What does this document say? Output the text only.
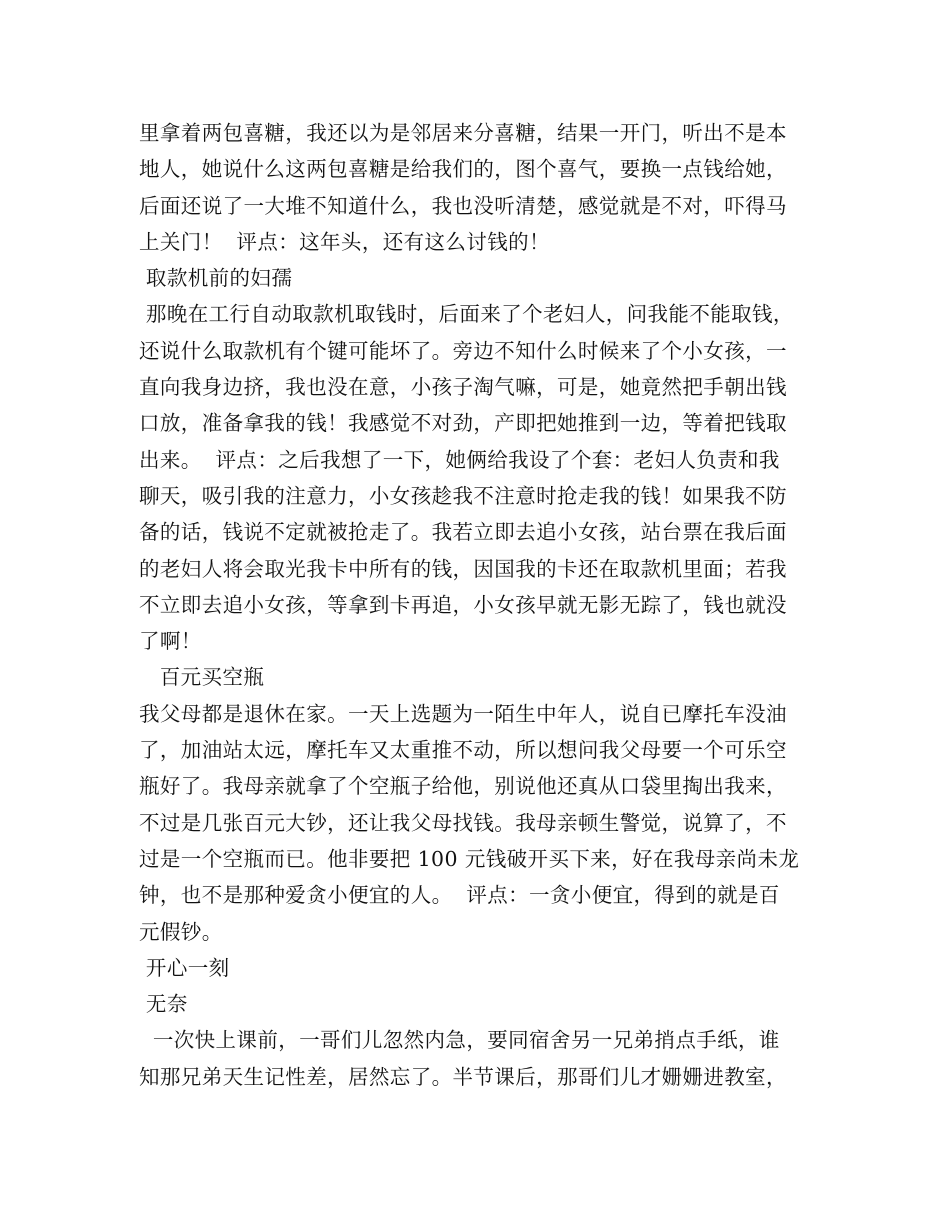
里拿着两包喜糖，我还以为是邻居来分喜糖，结果一开门，听出不是本
地人，她说什么这两包喜糖是给我们的，图个喜气，要换一点钱给她，
后面还说了一大堆不知道什么，我也没听清楚，感觉就是不对，吓得马
上关门！  评点：这年头，还有这么讨钱的！
取款机前的妇孺
那晚在工行自动取款机取钱时，后面来了个老妇人，问我能不能取钱，
还说什么取款机有个键可能坏了。旁边不知什么时候来了个小女孩，一
直向我身边挤，我也没在意，小孩子淘气嘛，可是，她竟然把手朝出钱
口放，准备拿我的钱！我感觉不对劲，产即把她推到一边，等着把钱取
出来。  评点：之后我想了一下，她俩给我设了个套：老妇人负责和我
聊天，吸引我的注意力，小女孩趁我不注意时抢走我的钱！如果我不防
备的话，钱说不定就被抢走了。我若立即去追小女孩，站台票在我后面
的老妇人将会取光我卡中所有的钱，因国我的卡还在取款机里面；若我
不立即去追小女孩，等拿到卡再追，小女孩早就无影无踪了，钱也就没
了啊！
百元买空瓶
我父母都是退休在家。一天上选题为一陌生中年人，说自已摩托车没油
了，加油站太远，摩托车又太重推不动，所以想问我父母要一个可乐空
瓶好了。我母亲就拿了个空瓶子给他，别说他还真从口袋里掏出我来，
不过是几张百元大钞，还让我父母找钱。我母亲顿生警觉，说算了，不
过是一个空瓶而已。他非要把 100 元钱破开买下来，好在我母亲尚未龙
钟，也不是那种爱贪小便宜的人。  评点：一贪小便宜，得到的就是百
元假钞。
开心一刻
无奈
一次快上课前，一哥们儿忽然内急，要同宿舍另一兄弟捎点手纸，谁
知那兄弟天生记性差，居然忘了。半节课后，那哥们儿才姗姗进教室，
